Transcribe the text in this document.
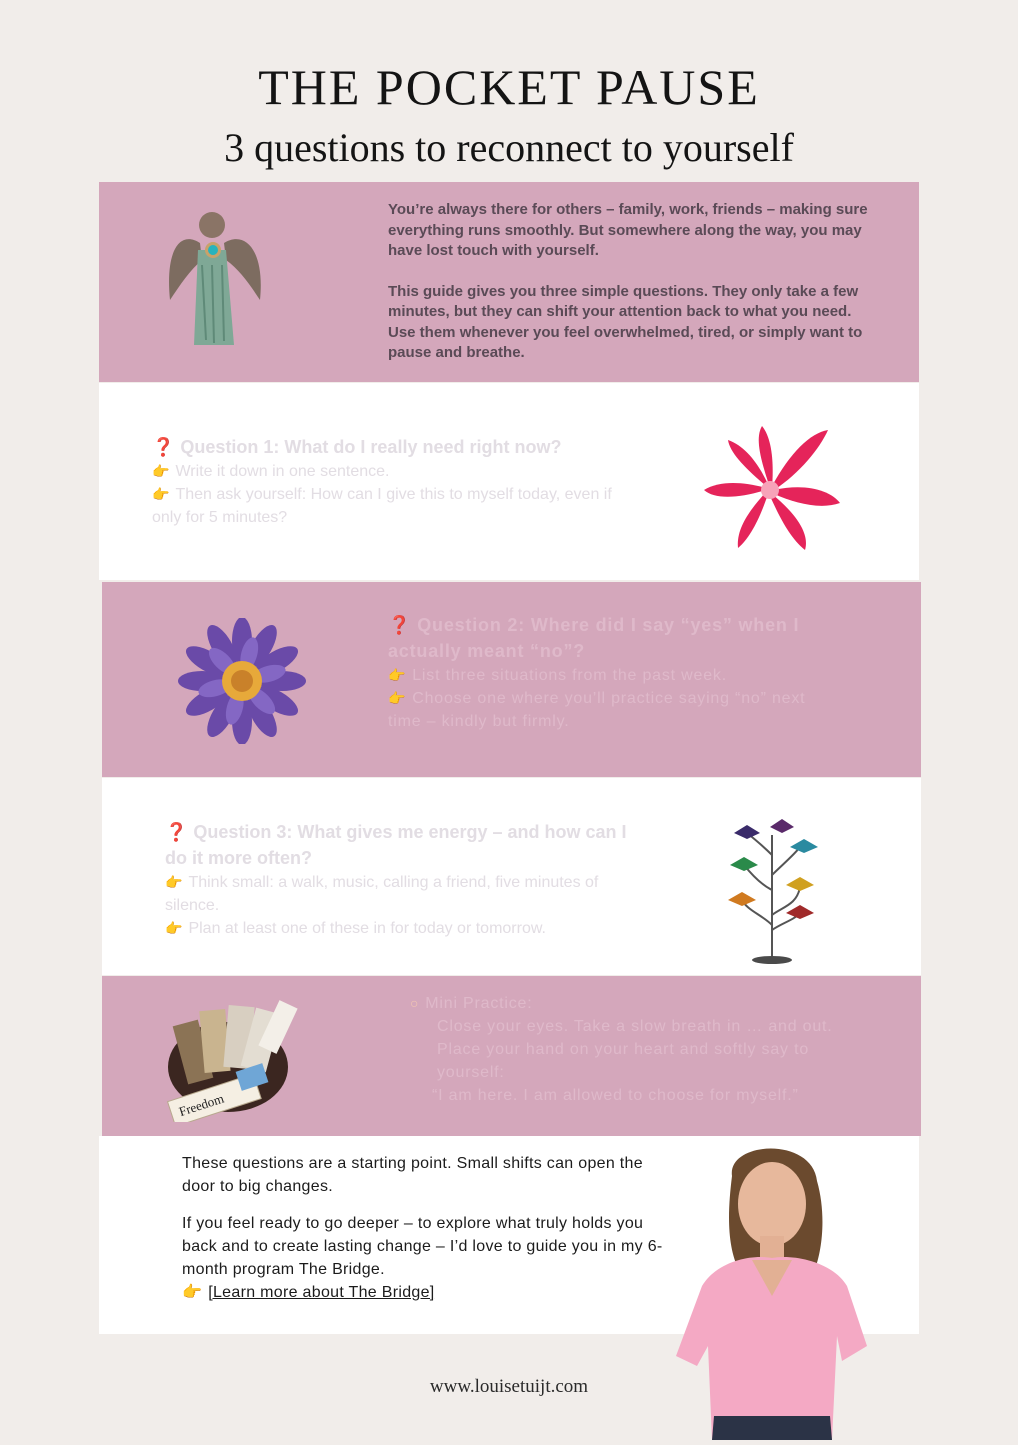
THE POCKET PAUSE
3 questions to reconnect to yourself

You’re always there for others – family, work, friends – making sure everything runs smoothly. But somewhere along the way, you may have lost touch with yourself.

This guide gives you three simple questions. They only take a few minutes, but they can shift your attention back to what you need. Use them whenever you feel overwhelmed, tired, or simply want to pause and breathe.

❓ Question 1: What do I really need right now?
👉 Write it down in one sentence.
👉 Then ask yourself: How can I give this to myself today, even if only for 5 minutes?
❓ Question 2: Where did I say “yes” when I actually meant “no”?
👉 List three situations from the past week.
👉 Choose one where you’ll practice saying “no” next time – kindly but firmly.
❓ Question 3: What gives me energy – and how can I do it more often?
👉 Think small: a walk, music, calling a friend, five minutes of silence.
👉 Plan at least one of these in for today or tomorrow.
Freedom
○ Mini Practice:
Close your eyes. Take a slow breath in … and out.
Place your hand on your heart and softly say to yourself:
“I am here. I am allowed to choose for myself.”

These questions are a starting point. Small shifts can open the door to big changes.

If you feel ready to go deeper – to explore what truly holds you back and to create lasting change – I’d love to guide you in my 6-month program The Bridge.
👉 [Learn more about The Bridge]

www.louisetuijt.com
